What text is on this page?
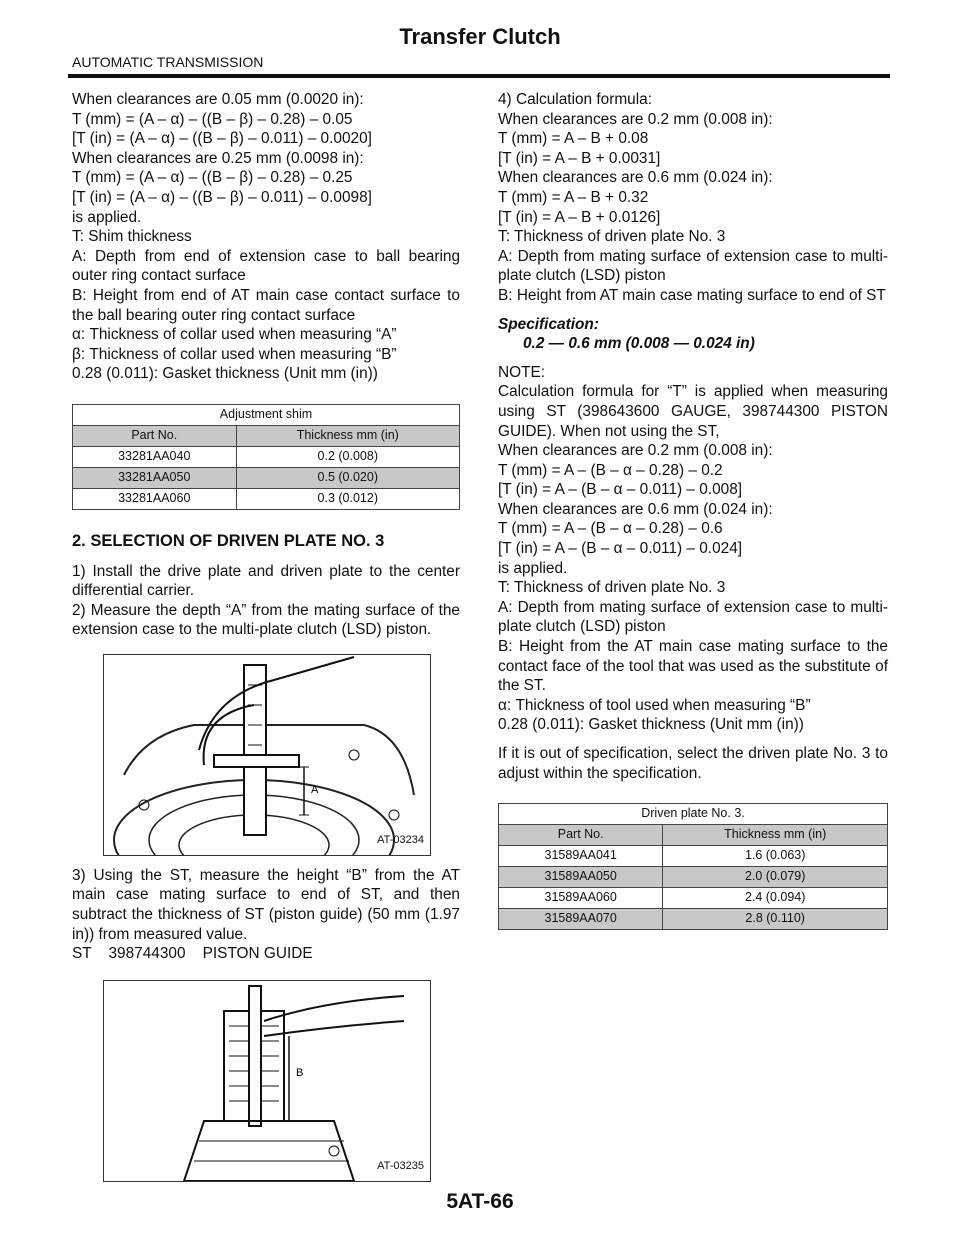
Transfer Clutch
AUTOMATIC TRANSMISSION
When clearances are 0.05 mm (0.0020 in):
T (mm) = (A – α) – ((B – β) – 0.28) – 0.05
[T (in) = (A – α) – ((B – β) – 0.011) – 0.0020]
When clearances are 0.25 mm (0.0098 in):
T (mm) = (A – α) – ((B – β) – 0.28) – 0.25
[T (in) = (A – α) – ((B – β) – 0.011) – 0.0098]
is applied.
T: Shim thickness
A: Depth from end of extension case to ball bearing outer ring contact surface
B: Height from end of AT main case contact surface to the ball bearing outer ring contact surface
α: Thickness of collar used when measuring “A”
β: Thickness of collar used when measuring “B”
0.28 (0.011): Gasket thickness (Unit mm (in))
Adjustment shim	
Part No.	Thickness mm (in)
33281AA040	0.2 (0.008)
33281AA050	0.5 (0.020)
33281AA060	0.3 (0.012)
2. SELECTION OF DRIVEN PLATE NO. 3
1) Install the drive plate and driven plate to the center differential carrier.
2) Measure the depth “A” from the mating surface of the extension case to the multi-plate clutch (LSD) piston.
A
AT-03234
3) Using the ST, measure the height “B” from the AT main case mating surface to end of ST, and then subtract the thickness of ST (piston guide) (50 mm (1.97 in)) from measured value.
ST    398744300    PISTON GUIDE
B
AT-03235
4) Calculation formula:
When clearances are 0.2 mm (0.008 in):
T (mm) = A – B + 0.08
[T (in) = A – B + 0.0031]
When clearances are 0.6 mm (0.024 in):
T (mm) = A – B + 0.32
[T (in) = A – B + 0.0126]
T: Thickness of driven plate No. 3
A: Depth from mating surface of extension case to multi-plate clutch (LSD) piston
B: Height from AT main case mating surface to end of ST
Specification:
0.2 — 0.6 mm (0.008 — 0.024 in)
NOTE:
Calculation formula for “T” is applied when measuring using ST (398643600 GAUGE, 398744300 PISTON GUIDE). When not using the ST,
When clearances are 0.2 mm (0.008 in):
T (mm) = A – (B – α – 0.28) – 0.2
[T (in) = A – (B – α – 0.011) – 0.008]
When clearances are 0.6 mm (0.024 in):
T (mm) = A – (B – α – 0.28) – 0.6
[T (in) = A – (B – α – 0.011) – 0.024]
is applied.
T: Thickness of driven plate No. 3
A: Depth from mating surface of extension case to multi-plate clutch (LSD) piston
B: Height from the AT main case mating surface to the contact face of the tool that was used as the substitute of the ST.
α: Thickness of tool used when measuring “B”
0.28 (0.011): Gasket thickness (Unit mm (in))
If it is out of specification, select the driven plate No. 3 to adjust within the specification.
Driven plate No. 3.	
Part No.	Thickness mm (in)
31589AA041	1.6 (0.063)
31589AA050	2.0 (0.079)
31589AA060	2.4 (0.094)
31589AA070	2.8 (0.110)
5AT-66
